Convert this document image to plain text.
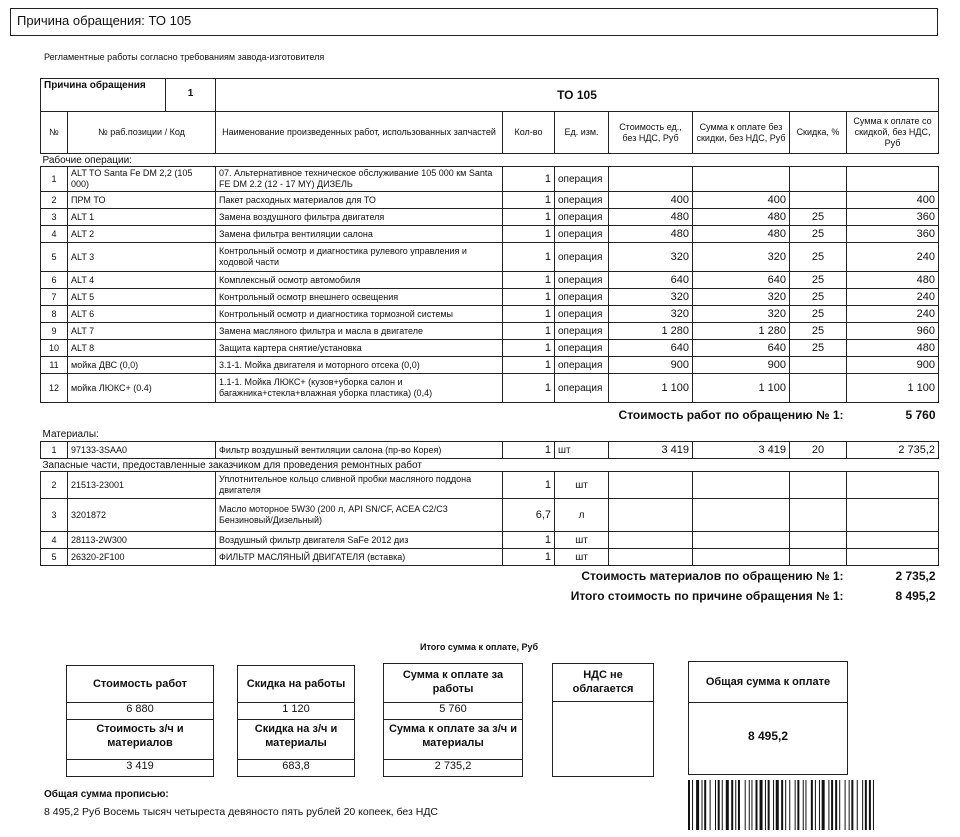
Причина обращения: ТО 105
Регламентные работы согласно требованиям завода-изготовителя
Причина обращения
1		ТО 105						
№	№ раб.позиции / Код	Наименование произведенных работ, использованных запчастей	Кол-во	Ед. изм.	Стоимость ед., без НДС, Руб	Сумма к оплате без скидки, без НДС, Руб	Скидка, %	Сумма к оплате со скидкой, без НДС, Руб
Рабочие операции:								
1	ALT TO Santa Fe DM 2,2 (105 000)	07. Альтернативное техническое обслуживание 105 000 км Santa FE DM 2.2 (12 - 17 MY) ДИЗЕЛЬ	1	операция				
2	ПРМ ТО	Пакет расходных материалов для ТО	1	операция	400	400		400
3	ALT 1	Замена воздушного фильтра двигателя	1	операция	480	480	25	360
4	ALT 2	Замена фильтра вентиляции салона	1	операция	480	480	25	360
5	ALT 3	Контрольный осмотр и диагностика рулевого управления и ходовой части	1	операция	320	320	25	240
6	ALT 4	Комплексный осмотр автомобиля	1	операция	640	640	25	480
7	ALT 5	Контрольный осмотр внешнего освещения	1	операция	320	320	25	240
8	ALT 6	Контрольный осмотр и диагностика тормозной системы	1	операция	320	320	25	240
9	ALT 7	Замена масляного фильтра и масла в двигателе	1	операция	1 280	1 280	25	960
10	ALT 8	Защита картера снятие/установка	1	операция	640	640	25	480
11	мойка ДВС (0,0)	3.1-1. Мойка двигателя и моторного отсека (0,0)	1	операция	900	900		900
12	мойка ЛЮКС+ (0.4)	1.1-1. Мойка ЛЮКС+ (кузов+уборка салон и багажника+стекла+влажная уборка пластика) (0,4)	1	операция	1 100	1 100		1 100
Стоимость работ по обращению № 1:								5 760
Материалы:								
1	97133-3SAA0	Фильтр воздушный вентиляции салона (пр-во Корея)	1	шт	3 419	3 419	20	2 735,2
Запасные части, предоставленные заказчиком для проведения ремонтных работ								
2	21513-23001	Уплотнительное кольцо сливной пробки масляного поддона двигателя	1	шт				
3	3201872	Масло моторное 5W30 (200 л, API SN/CF, ACEA C2/C3 Бензиновый/Дизельный)	6,7	л				
4	28113-2W300	Воздушный фильтр двигателя SaFe 2012 диз	1	шт				
5	26320-2F100	ФИЛЬТР МАСЛЯНЫЙ ДВИГАТЕЛЯ (вставка)	1	шт				
Стоимость материалов по обращению № 1:								2 735,2
Итого стоимость по причине обращения № 1:								8 495,2
Итого сумма к оплате, Руб
Стоимость работ
6 880
Стоимость з/ч и материалов
3 419
Скидка на работы
1 120
Скидка на з/ч и материалы
683,8
Сумма к оплате за работы
5 760
Сумма к оплате за з/ч и материалы
2 735,2
НДС не облагается
Общая сумма к оплате
8 495,2
Общая сумма прописью:
8 495,2 Руб Восемь тысяч четыреста девяносто пять рублей 20 копеек, без НДС
